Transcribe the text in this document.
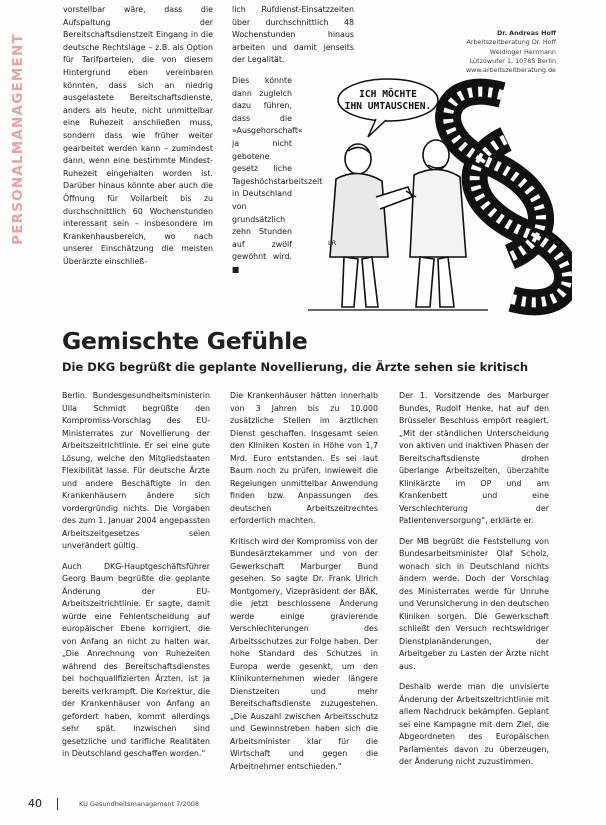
PERSONALMANAGEMENT

vorstellbar wäre, dass die Aufspaltung der Bereitschaftsdienstzeit Eingang in die deutsche Rechtslage – z.B. als Option für Tarifparteien, die von diesem Hintergrund eben vereinbaren könnten, dass sich an niedrig ausgelastete Bereitschaftsdienste, anders als heute, nicht unmittelbar eine Ruhezeit anschließen muss, sondern dass wie früher weiter gearbeitet werden kann – zumindest dann, wenn eine bestimmte Mindest-Ruhezeit eingehalten worden ist. Darüber hinaus könnte aber auch die Öffnung für Vollarbeit bis zu durchschnittlich 60 Wochenstunden interessant sein – insbesondere im Krankenhausbereich, wo nach unserer Einschätzung die meisten Überärzte einschließ-

lich Rufdienst-Einsatzzeiten über durchschnittlich 48 Wochenstunden hinaus arbeiten und damit jenseits der Legalität.

Dies könnte dann zugleich dazu führen, dass die »Ausgehorschaft« ja nicht gebotene gesetz liche Tageshöchstarbeitszeit in Deutschland von grundsätzlich zehn Stunden auf zwölf gewöhnt wird. ■

Dr. Andreas Hoff
Arbeitszeitberatung Dr. Hoff
Weidinger Herrmann
Lützowufer 1, 10785 Berlin
www.arbeitszeitberatung.de
ICH MÖCHTE
IHN UMTAUSCHEN.
LR
Gemischte Gefühle
Die DKG begrüßt die geplante Novellierung, die Ärzte sehen sie kritisch

Berlin. Bundesgesundheitsministerin Ulla Schmidt begrüßte den Kompromiss-Vorschlag des EU-Ministerrates zur Novellierung der Arbeitszeitrichtlinie. Er sei eine gute Lösung, welche den Mitgliedstaaten Flexibilität lasse. Für deutsche Ärzte und andere Beschäftigte in den Krankenhäusern ändere sich vordergründig nichts. Die Vorgaben des zum 1. Januar 2004 angepassten Arbeitszeitgesetzes seien unverändert gültig.

Auch DKG-Hauptgeschäftsführer Georg Baum begrüßte die geplante Änderung der EU-Arbeitszeitrichtlinie. Er sagte, damit würde eine Fehlentscheidung auf europäischer Ebene korrigiert, die von Anfang an nicht zu halten war. „Die Anrechnung von Ruhezeiten während des Bereitschaftsdienstes bei hochqualifizierten Ärzten, ist ja bereits verkrampft. Die Korrektur, die der Krankenhäuser von Anfang an gefordert haben, kommt allerdings sehr spät. Inzwischen sind gesetzliche und tarifliche Realitäten in Deutschland geschaffen worden.“

Die Krankenhäuser hätten innerhalb von 3 Jahren bis zu 10.000 zusätzliche Stellen im ärztlichen Dienst geschaffen. Insgesamt seien den Kliniken Kosten in Höhe von 1,7 Mrd. Euro entstanden. Es sei laut Baum noch zu prüfen, inwieweit die Regelungen unmittelbar Anwendung finden bzw. Anpassungen des deutschen Arbeitszeitrechtes erforderlich machten.

Kritisch wird der Kompromiss von der Bundesärztekammer und von der Gewerkschaft Marburger Bund gesehen. So sagte Dr. Frank Ulrich Montgomery, Vizepräsident der BÄK, die jetzt beschlossene Änderung werde einige gravierende Verschlechterungen des Arbeitsschutzes zur Folge haben. Der hohe Standard des Schutzes in Europa werde gesenkt, um den Klinikunternehmen wieder längere Dienstzeiten und mehr Bereitschaftsdienste zuzugestehen. „Die Auszahl zwischen Arbeitsschutz und Gewinnstreben haben sich die Arbeitsminister klar für die Wirtschaft und gegen die Arbeitnehmer entschieden.“

Der 1. Vorsitzende des Marburger Bundes, Rudolf Henke, hat auf den Brüsseler Beschluss empört reagiert. „Mit der ständlichen Unterscheidung von aktiven und inaktiven Phasen der Bereitschaftsdienste drohen überlange Arbeitszeiten, überzahlte Klinikärzte im OP und am Krankenbett und eine Verschlechterung der Patientenversorgung“, erklärte er.

Der MB begrüßt die Feststellung von Bundesarbeitsminister Olaf Scholz, wonach sich in Deutschland nichts ändern werde. Doch der Vorschlag des Ministerrates werde für Unruhe und Verunsicherung in den deutschen Kliniken sorgen. Die Gewerkschaft schließt den Versuch rechtswidriger Dienstplanänderungen, der Arbeitgeber zu Lasten der Ärzte nicht aus.

Deshalb werde man die unvisierte Änderung der Arbeitszeitrichtlinie mit allem Nachdruck bekämpfen. Geplant sei eine Kampagne mit dem Ziel, die Abgeordneten des Europäischen Parlamentes davon zu überzeugen, der Änderung nicht zuzustimmen.

40	KU Gesundheitsmanagement 7/2008
